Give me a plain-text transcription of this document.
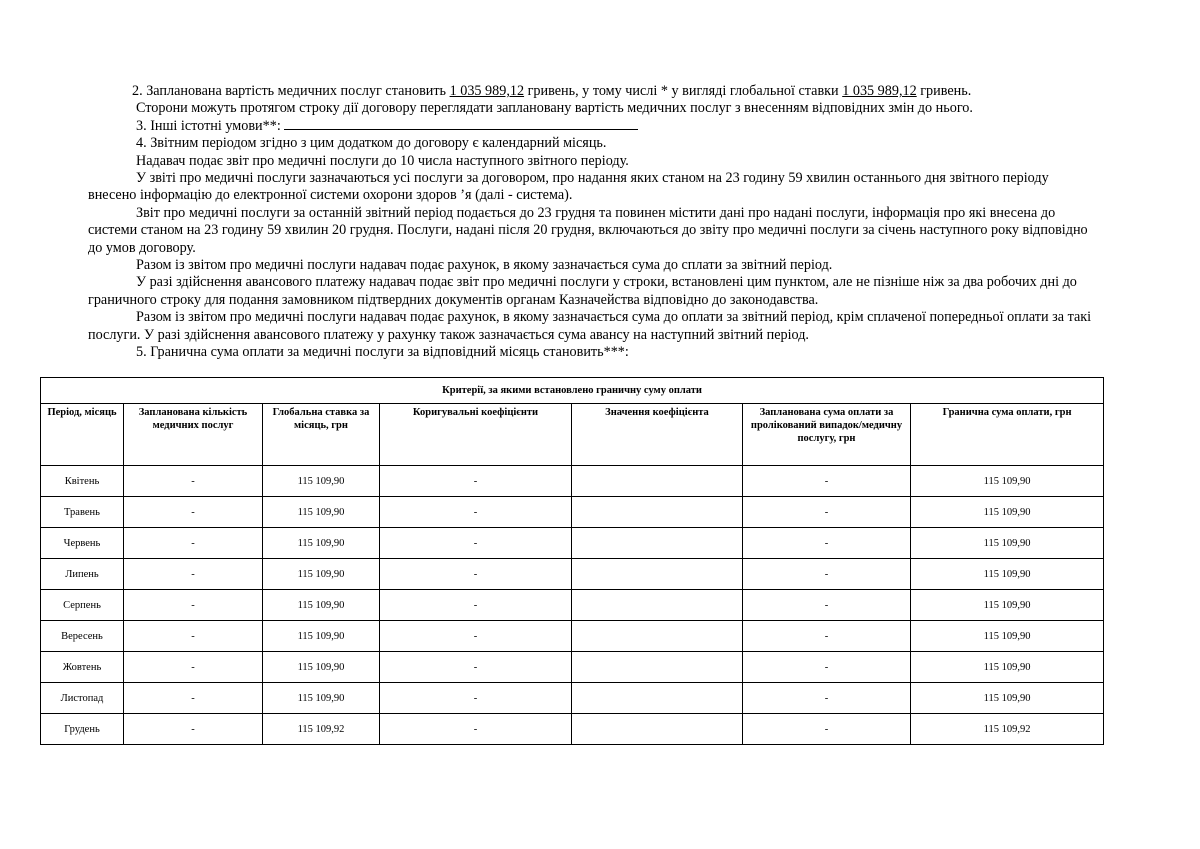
2. Запланована вартість медичних послуг становить 1 035 989,12 гривень, у тому числі * у вигляді глобальної ставки 1 035 989,12 гривень.

Сторони можуть протягом строку дії договору переглядати заплановану вартість медичних послуг з внесенням відповідних змін до нього.

3. Інші істотні умови**:

4. Звітним періодом згідно з цим додатком до договору є календарний місяць.

Надавач подає звіт про медичні послуги до 10 числа наступного звітного періоду.

У звіті про медичні послуги зазначаються усі послуги за договором, про надання яких станом на 23 годину 59 хвилин останнього дня звітного періоду внесено інформацію до електронної системи охорони здоров ’я (далі - система).

Звіт про медичні послуги за останній звітний період подається до 23 грудня та повинен містити дані про надані послуги, інформація про які внесена до системи станом на 23 годину 59 хвилин 20 грудня. Послуги, надані після 20 грудня, включаються до звіту про медичні послуги за січень наступного року відповідно до умов договору.

Разом із звітом про медичні послуги надавач подає рахунок, в якому зазначається сума до сплати за звітний період.

У разі здійснення авансового платежу надавач подає звіт про медичні послуги у строки, встановлені цим пунктом, але не пізніше ніж за два робочих дні до граничного строку для подання замовником підтвердних документів органам Казначейства відповідно до законодавства.

Разом із звітом про медичні послуги надавач подає рахунок, в якому зазначається сума до оплати за звітний період, крім сплаченої попередньої оплати за такі послуги. У разі здійснення авансового платежу у рахунку також зазначається сума авансу на наступний звітний період.

5. Гранична сума оплати за медичні послуги за відповідний місяць становить***:

Критерії, за якими встановлено граничну суму оплати						
Період, місяць	Запланована кількість медичних послуг	Глобальна ставка за місяць, грн	Коригувальні коефіцієнти	Значення коефіцієнта	Запланована сума оплати за пролікований випадок/медичну послугу, грн	Гранична сума оплати, грн
Квітень	-	115 109,90	-		-	115 109,90
Травень	-	115 109,90	-		-	115 109,90
Червень	-	115 109,90	-		-	115 109,90
Липень	-	115 109,90	-		-	115 109,90
Серпень	-	115 109,90	-		-	115 109,90
Вересень	-	115 109,90	-		-	115 109,90
Жовтень	-	115 109,90	-		-	115 109,90
Листопад	-	115 109,90	-		-	115 109,90
Грудень	-	115 109,92	-		-	115 109,92
